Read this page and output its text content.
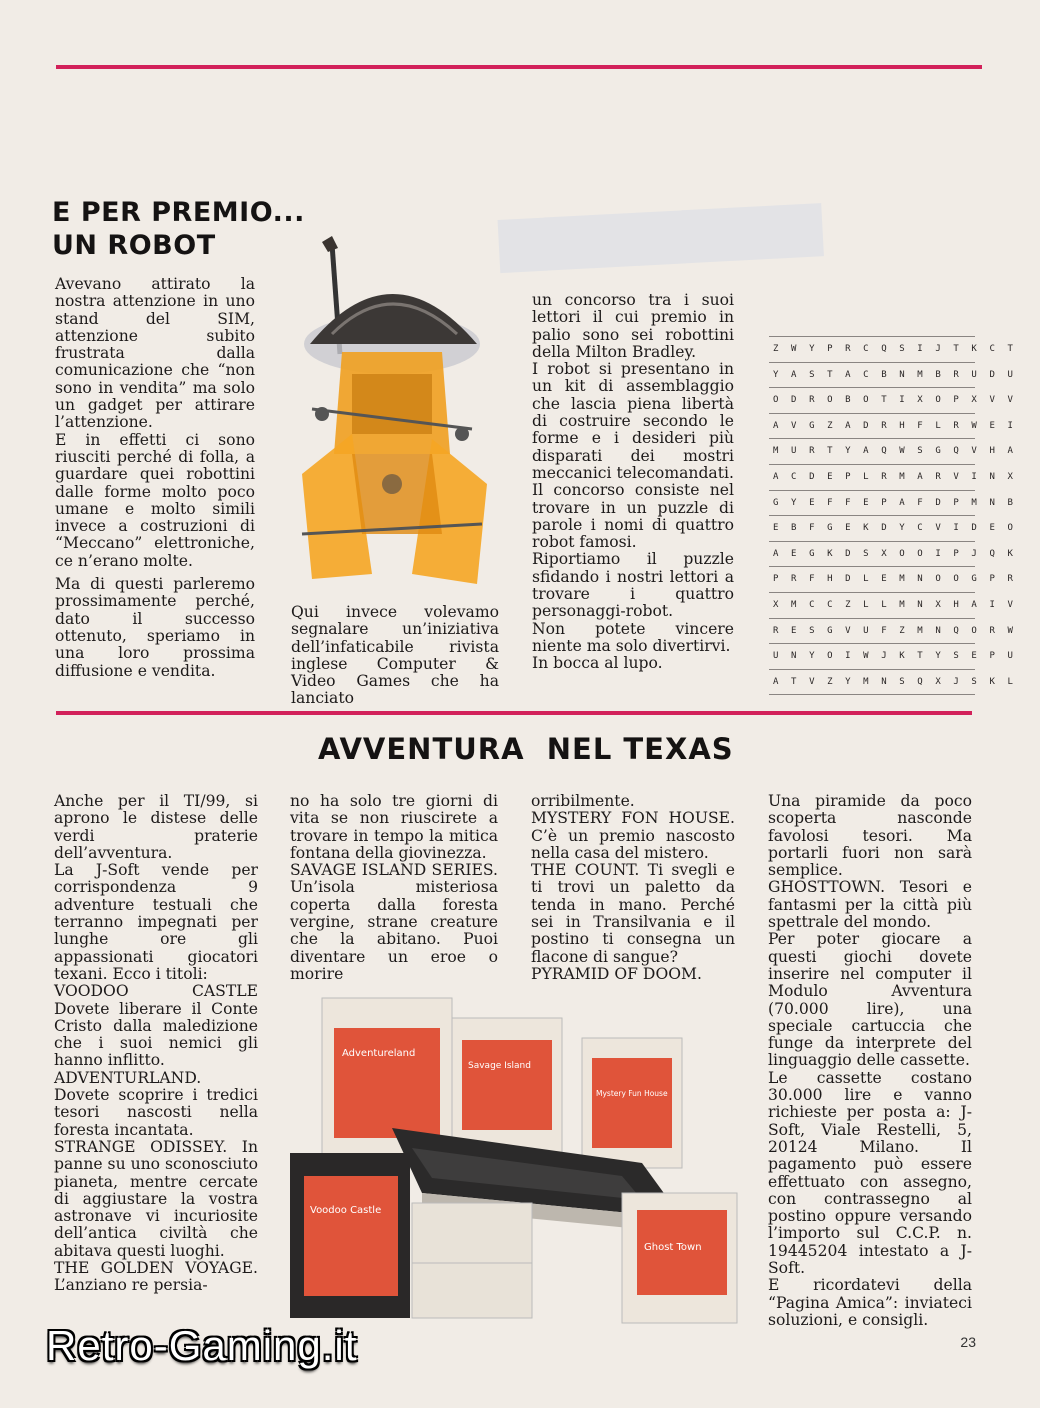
▆▆▆▆▆▆▆
E PER PREMIO...
UN ROBOT

Avevano attirato la nostra attenzione in uno stand del SIM, attenzione subito frustrata dalla comunicazione che “non sono in vendita” ma solo un gadget per attirare l’attenzione.

E in effetti ci sono riusciti perché di folla, a guardare quei robottini dalle forme molto poco umane e molto simili invece a costruzioni di “Meccano” elettroniche, ce n’erano molte.

Ma di questi parleremo prossimamente perché, dato il successo ottenuto, speriamo in una loro prossima diffusione e vendita.

Qui invece volevamo segnalare un’iniziativa dell’infaticabile rivista inglese Computer & Video Games che ha lanciato

un concorso tra i suoi lettori il cui premio in palio sono sei robottini della Milton Bradley.

I robot si presentano in un kit di assemblaggio che lascia piena libertà di costruire secondo le forme e i desideri più disparati dei mostri meccanici telecomandati.

Il concorso consiste nel trovare in un puzzle di parole i nomi di quattro robot famosi.

Riportiamo il puzzle sfidando i nostri lettori a trovare i quattro personaggi-robot.

Non potete vincere niente ma solo divertirvi.

In bocca al lupo.

Z W Y P R C Q S I J T K C T
Y A S T A C B N M B R U D U
O D R O B O T I X O P X V V
A V G Z A D R H F L R W E I
M U R T Y A Q W S G Q V H A
A C D E P L R M A R V I N X
G Y E F F E P A F D P M N B
E B F G E K D Y C V I D E O
A E G K D S X O O I P J Q K
P R F H D L E M N O O G P R
X M C C Z L L M N X H A I V
R E S G V U F Z M N Q O R W
U N Y O I W J K T Y S E P U
A T V Z Y M N S Q X J S K L
AVVENTURA  NEL TEXAS

Anche per il TI/99, si aprono le distese delle verdi praterie dell’avventura.

La J-Soft vende per corrispondenza 9 adventure testuali che terranno impegnati per lunghe ore gli appassionati giocatori texani. Ecco i titoli:

VOODOO CASTLE Dovete liberare il Conte Cristo dalla maledizione che i suoi nemici gli hanno inflitto.

ADVENTURLAND. Dovete scoprire i tredici tesori nascosti nella foresta incantata.

STRANGE ODISSEY. In panne su uno sconosciuto pianeta, mentre cercate di aggiustare la vostra astronave vi incuriosite dell’antica civiltà che abitava questi luoghi.

THE GOLDEN VOYAGE. L’anziano re persia-

no ha solo tre giorni di vita se non riuscirete a trovare in tempo la mitica fontana della giovinezza.

SAVAGE ISLAND SERIES. Un’isola misteriosa coperta dalla foresta vergine, strane creature che la abitano. Puoi diventare un eroe o morire

orribilmente.

MYSTERY FON HOUSE. C’è un premio nascosto nella casa del mistero.

THE COUNT. Ti svegli e ti trovi un paletto da tenda in mano. Perché sei in Transilvania e il postino ti consegna un flacone di sangue?

PYRAMID OF DOOM.

Una piramide da poco scoperta nasconde favolosi tesori. Ma portarli fuori non sarà semplice.

GHOSTTOWN. Tesori e fantasmi per la città più spettrale del mondo.

Per poter giocare a questi giochi dovete inserire nel computer il Modulo Avventura (70.000 lire), una speciale cartuccia che funge da interprete del linguaggio delle cassette.

Le cassette costano 30.000 lire e vanno richieste per posta a: J-Soft, Viale Restelli, 5, 20124 Milano. Il pagamento può essere effettuato con assegno, con contrassegno al postino oppure versando l’importo sul C.C.P. n. 19445204 intestato a J-Soft.

E ricordatevi della “Pagina Amica”: inviateci soluzioni, e consigli.

Adventureland
Savage Island
Mystery Fun House
Voodoo Castle
Ghost Town
23
Retro-Gaming.it
